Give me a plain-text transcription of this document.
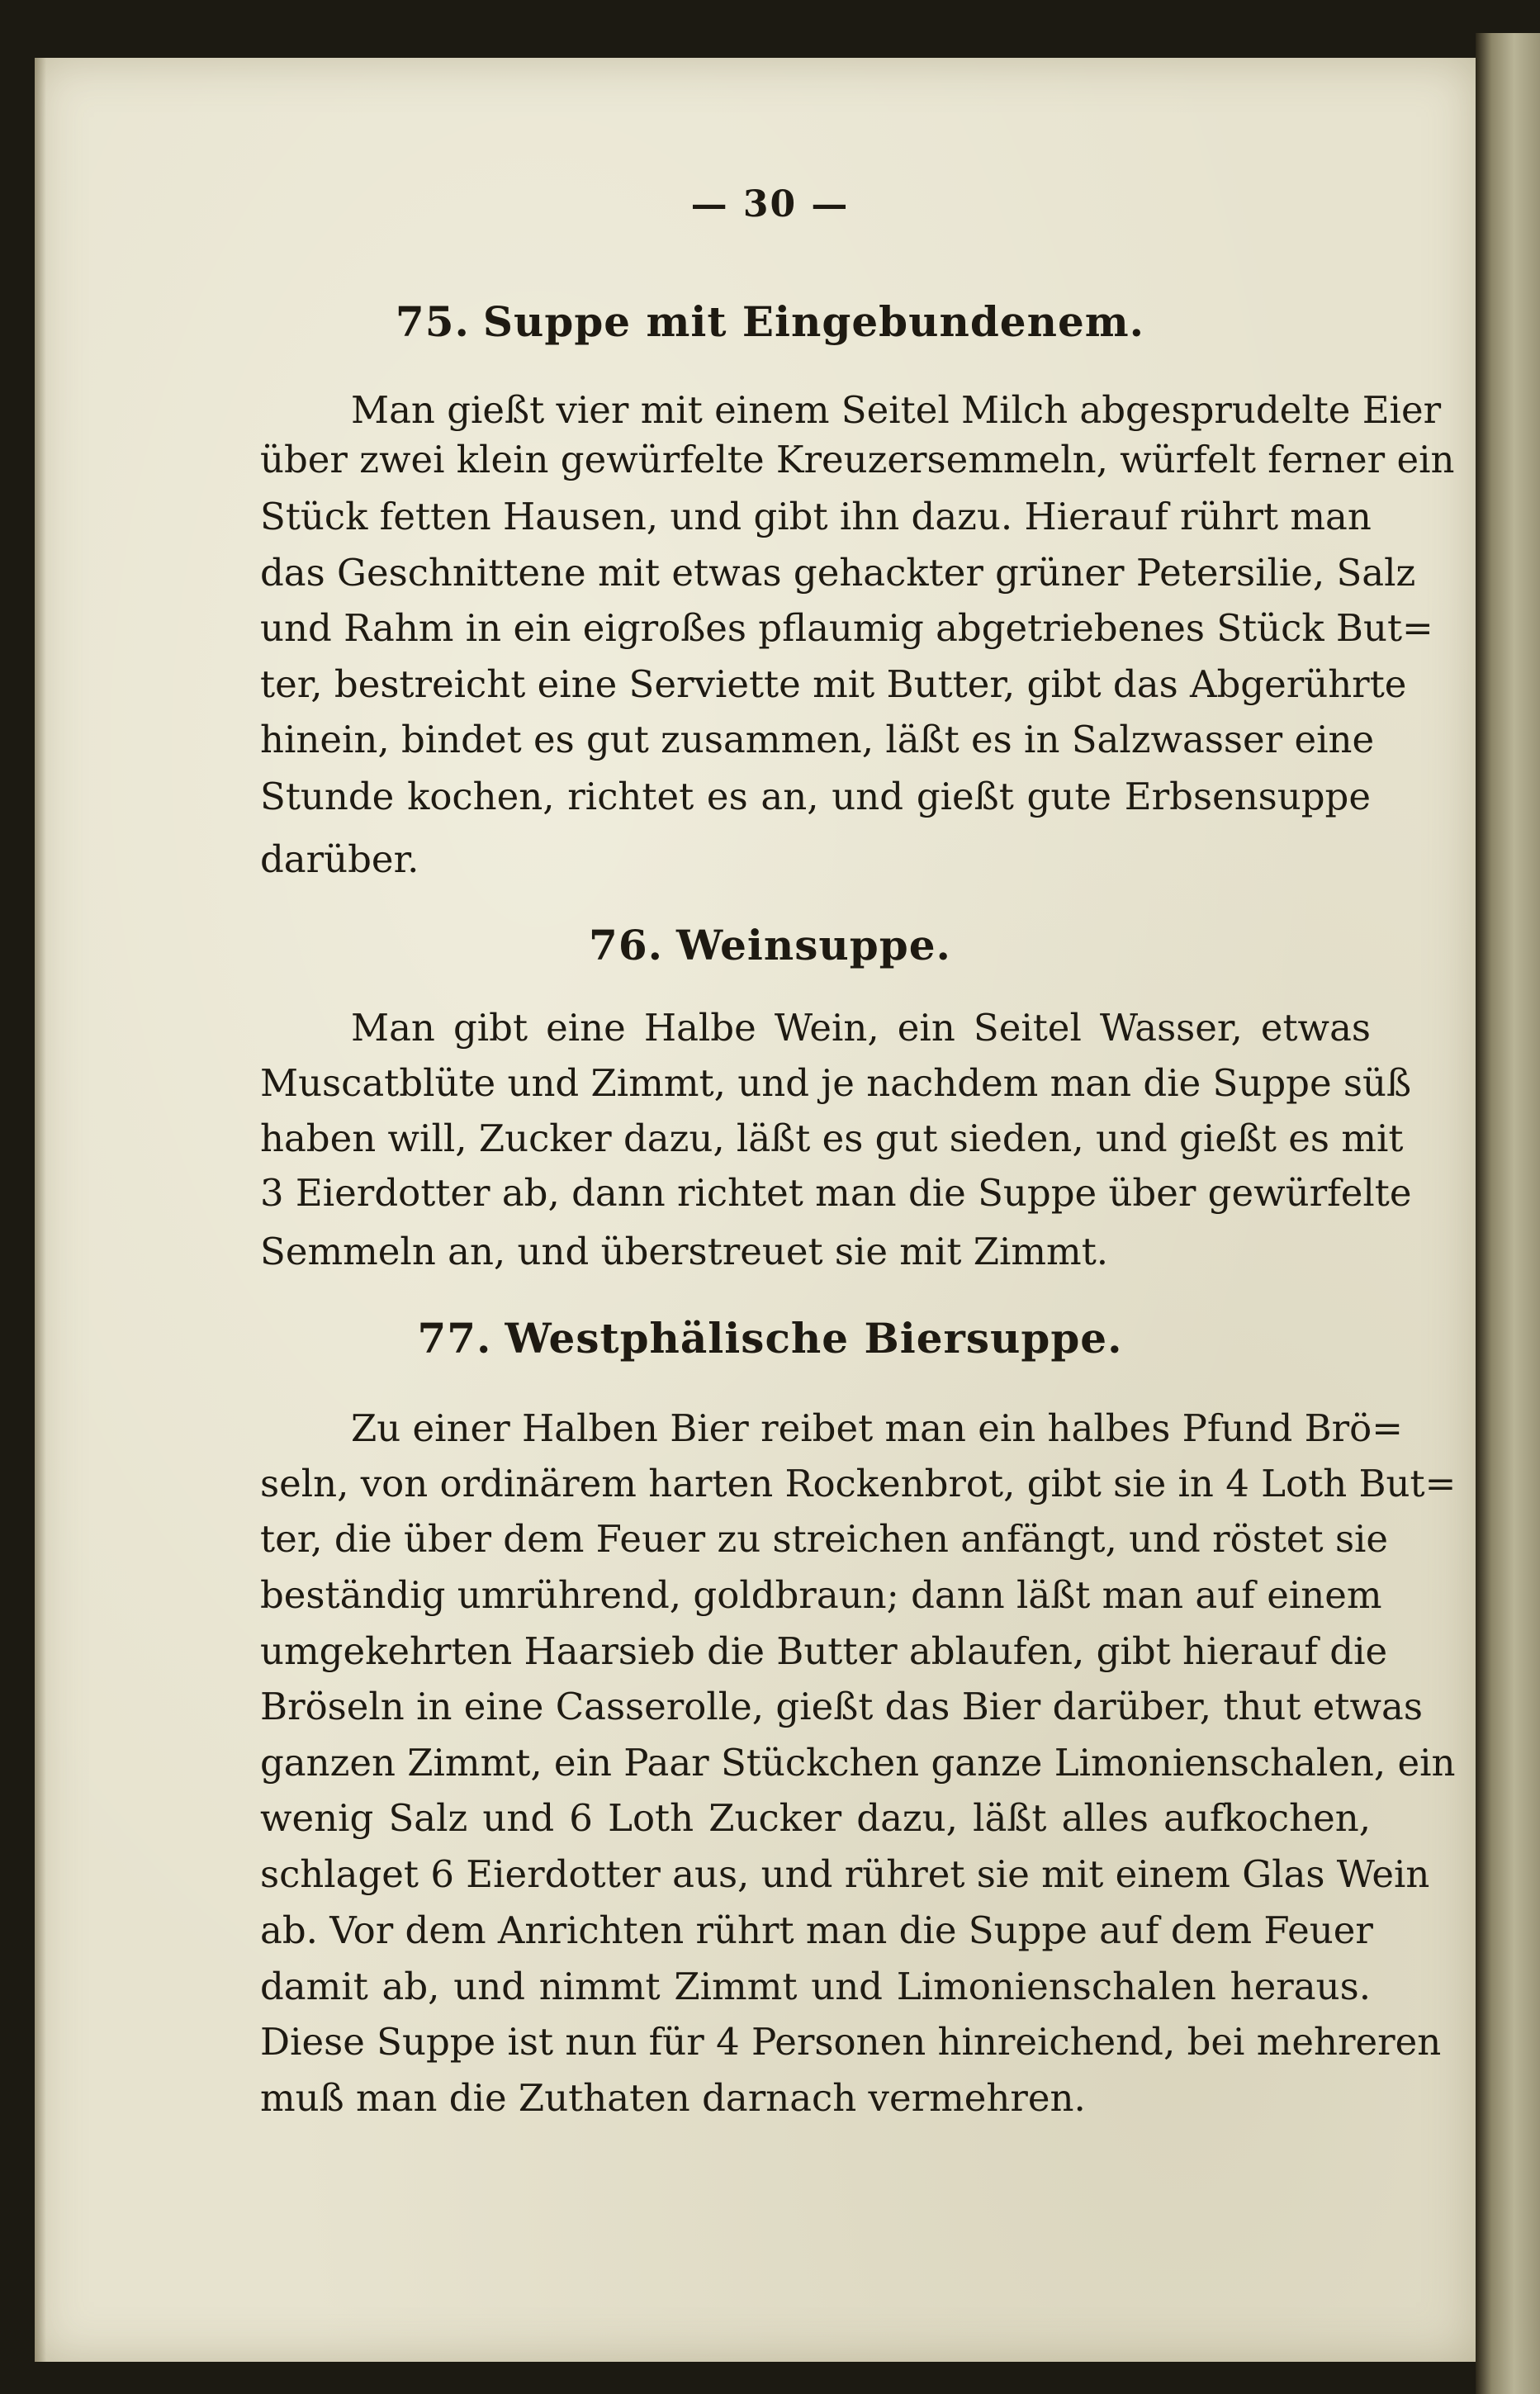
— 30 —
75. Suppe mit Eingebundenem.
Man gießt vier mit einem Seitel Milch abgesprudelte Eier
über zwei klein gewürfelte Kreuzersemmeln, würfelt ferner ein
Stück fetten Hausen, und gibt ihn dazu. Hierauf rührt man
das Geschnittene mit etwas gehackter grüner Petersilie, Salz
und Rahm in ein eigroßes pflaumig abgetriebenes Stück But=
ter, bestreicht eine Serviette mit Butter, gibt das Abgerührte
hinein, bindet es gut zusammen, läßt es in Salzwasser eine
Stunde kochen, richtet es an, und gießt gute Erbsensuppe
darüber.
76. Weinsuppe.
Man gibt eine Halbe Wein, ein Seitel Wasser, etwas
Muscatblüte und Zimmt, und je nachdem man die Suppe süß
haben will, Zucker dazu, läßt es gut sieden, und gießt es mit
3 Eierdotter ab, dann richtet man die Suppe über gewürfelte
Semmeln an, und überstreuet sie mit Zimmt.
77. Westphälische Biersuppe.
Zu einer Halben Bier reibet man ein halbes Pfund Brö=
seln, von ordinärem harten Rockenbrot, gibt sie in 4 Loth But=
ter, die über dem Feuer zu streichen anfängt, und röstet sie
beständig umrührend, goldbraun; dann läßt man auf einem
umgekehrten Haarsieb die Butter ablaufen, gibt hierauf die
Bröseln in eine Casserolle, gießt das Bier darüber, thut etwas
ganzen Zimmt, ein Paar Stückchen ganze Limonienschalen, ein
wenig Salz und 6 Loth Zucker dazu, läßt alles aufkochen,
schlaget 6 Eierdotter aus, und rühret sie mit einem Glas Wein
ab. Vor dem Anrichten rührt man die Suppe auf dem Feuer
damit ab, und nimmt Zimmt und Limonienschalen heraus.
Diese Suppe ist nun für 4 Personen hinreichend, bei mehreren
muß man die Zuthaten darnach vermehren.
